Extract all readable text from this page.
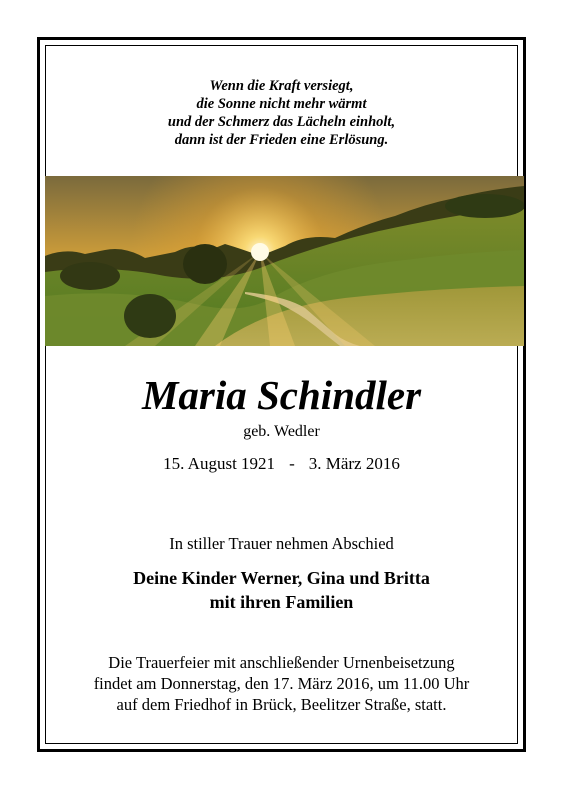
Wenn die Kraft versiegt,
die Sonne nicht mehr wärmt
und der Schmerz das Lächeln einholt,
dann ist der Frieden eine Erlösung.
Maria Schindler
geb. Wedler
15. August 1921 - 3. März 2016
In stiller Trauer nehmen Abschied
Deine Kinder Werner, Gina und Britta
mit ihren Familien
Die Trauerfeier mit anschließender Urnenbeisetzung
findet am Donnerstag, den 17. März 2016, um 11.00 Uhr
auf dem Friedhof in Brück, Beelitzer Straße, statt.
